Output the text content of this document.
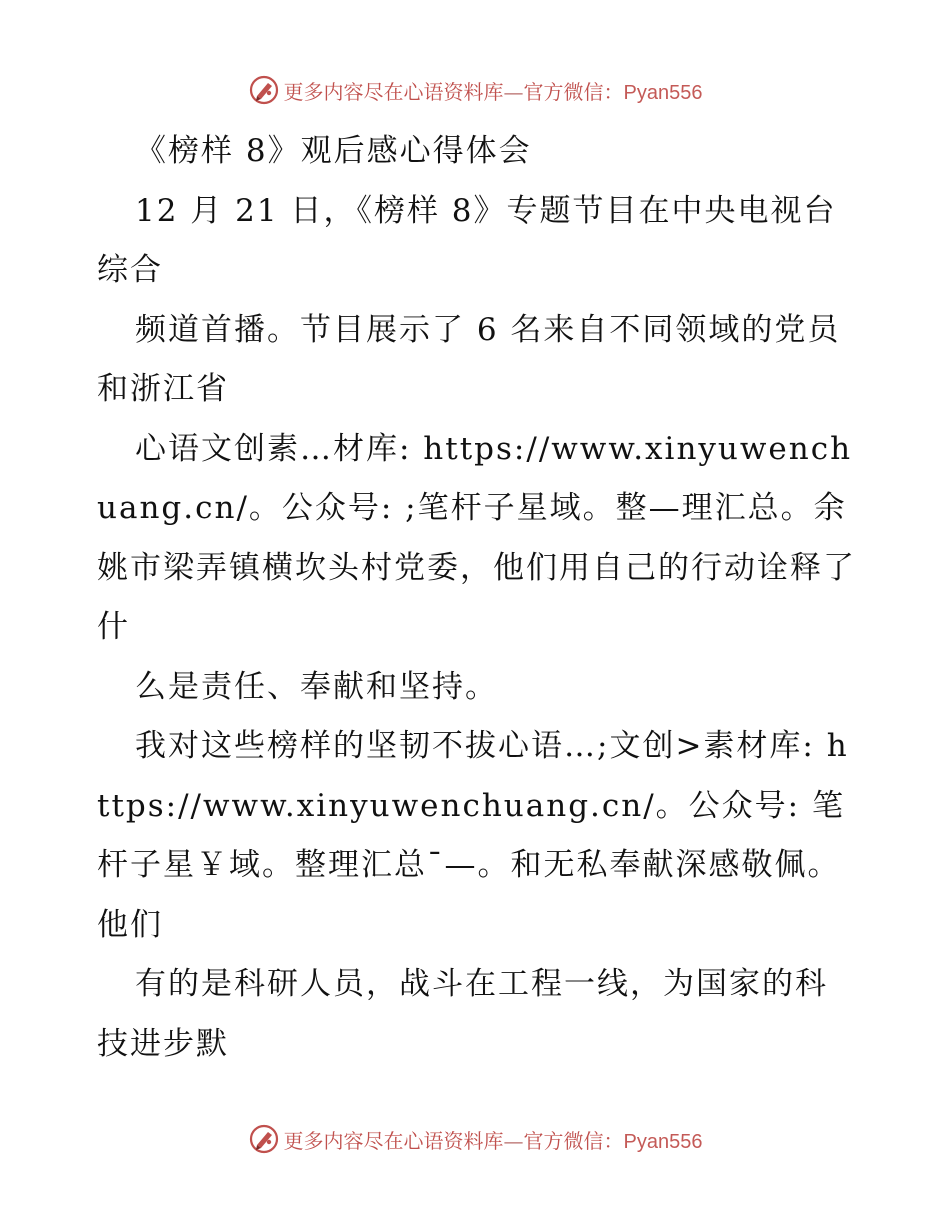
更多内容尽在心语资料库—官方微信：Pyan556

《榜样 8》观后感心得体会

12 月 21 日，《榜样 8》专题节目在中央电视台综合

频道首播。节目展示了 6 名来自不同领域的党员和浙江省

心语文创素…材库: https://www.xinyuwenchuang.cn/。公众号: ;笔杆子星域。整—理汇总。余姚市梁弄镇横坎头村党委，他们用自己的行动诠释了什

么是责任、奉献和坚持。

我对这些榜样的坚韧不拔心语…;文创>素材库: https://www.xinyuwenchuang.cn/。公众号: 笔杆子星￥域。整理汇总¯—。和无私奉献深感敬佩。他们

有的是科研人员，战斗在工程一线，为国家的科技进步默

更多内容尽在心语资料库—官方微信：Pyan556
